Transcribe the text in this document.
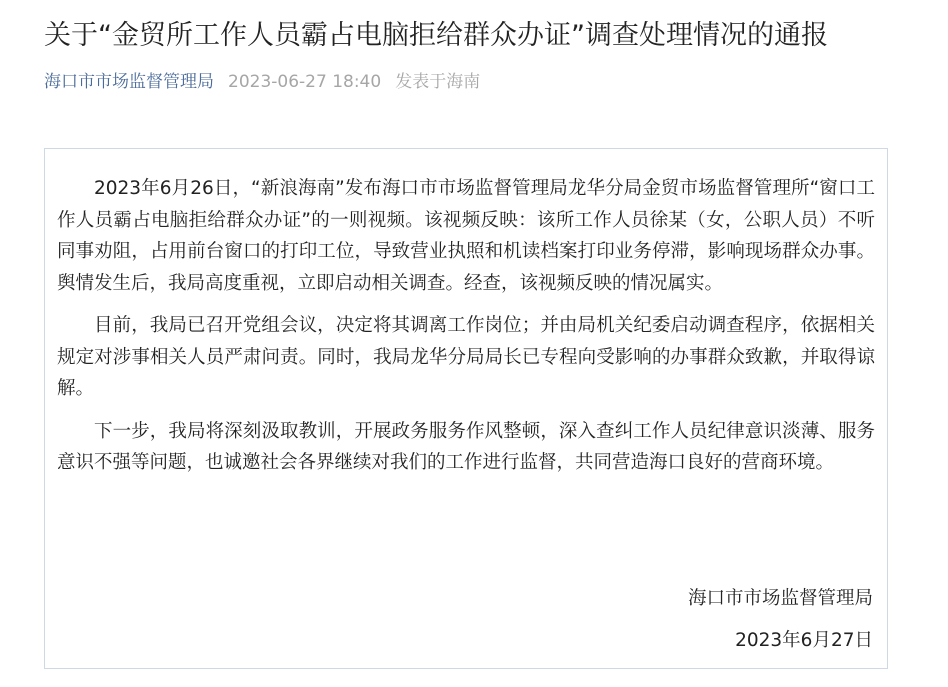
关于“金贸所工作人员霸占电脑拒给群众办证”调查处理情况的通报
海口市市场监督管理局 2023-06-27 18:40 发表于海南

2023年6月26日，“新浪海南”发布海口市市场监督管理局龙华分局金贸市场监督管理所“窗口工作人员霸占电脑拒给群众办证”的一则视频。该视频反映：该所工作人员徐某（女，公职人员）不听同事劝阻，占用前台窗口的打印工位，导致营业执照和机读档案打印业务停滞，影响现场群众办事。舆情发生后，我局高度重视，立即启动相关调查。经查，该视频反映的情况属实。

目前，我局已召开党组会议，决定将其调离工作岗位；并由局机关纪委启动调查程序，依据相关规定对涉事相关人员严肃问责。同时，我局龙华分局局长已专程向受影响的办事群众致歉，并取得谅解。

下一步，我局将深刻汲取教训，开展政务服务作风整顿，深入查纠工作人员纪律意识淡薄、服务意识不强等问题，也诚邀社会各界继续对我们的工作进行监督，共同营造海口良好的营商环境。

海口市市场监督管理局
2023年6月27日
